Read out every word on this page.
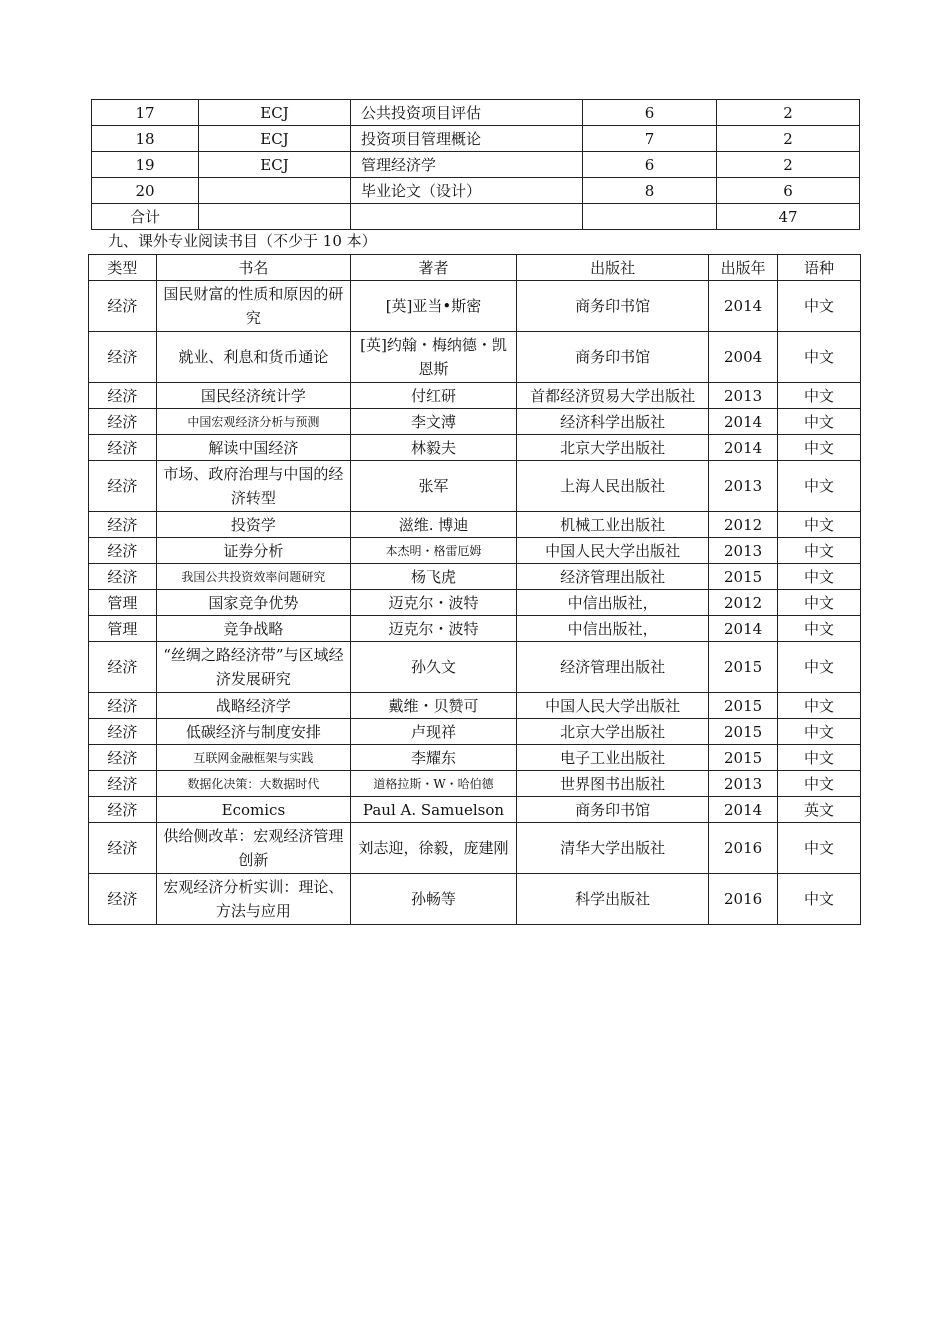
17	ECJ	公共投资项目评估	6	2
18	ECJ	投资项目管理概论	7	2
19	ECJ	管理经济学	6	2
20		毕业论文（设计）	8	6
合计				47
九、课外专业阅读书目（不少于 10 本）
类型	书名	著者	出版社	出版年	语种
经济	国民财富的性质和原因的研究	[英]亚当•斯密	商务印书馆	2014	中文
经济	就业、利息和货币通论	[英]约翰・梅纳德・凯恩斯	商务印书馆	2004	中文
经济	国民经济统计学	付红研	首都经济贸易大学出版社	2013	中文
经济	中国宏观经济分析与预测	李文溥	经济科学出版社	2014	中文
经济	解读中国经济	林毅夫	北京大学出版社	2014	中文
经济	市场、政府治理与中国的经济转型	张军	上海人民出版社	2013	中文
经济	投资学	滋维. 博迪	机械工业出版社	2012	中文
经济	证券分析	本杰明・格雷厄姆	中国人民大学出版社	2013	中文
经济	我国公共投资效率问题研究	杨飞虎	经济管理出版社	2015	中文
管理	国家竞争优势	迈克尔・波特	中信出版社，	2012	中文
管理	竞争战略	迈克尔・波特	中信出版社，	2014	中文
经济	“丝绸之路经济带”与区域经济发展研究	孙久文	经济管理出版社	2015	中文
经济	战略经济学	戴维・贝赞可	中国人民大学出版社	2015	中文
经济	低碳经济与制度安排	卢现祥	北京大学出版社	2015	中文
经济	互联网金融框架与实践	李耀东	电子工业出版社	2015	中文
经济	数据化决策：大数据时代	道格拉斯・W・哈伯德	世界图书出版社	2013	中文
经济	Ecomics	Paul A. Samuelson	商务印书馆	2014	英文
经济	供给侧改革：宏观经济管理创新	刘志迎，徐毅，庞建刚	清华大学出版社	2016	中文
经济	宏观经济分析实训：理论、方法与应用	孙畅等	科学出版社	2016	中文
